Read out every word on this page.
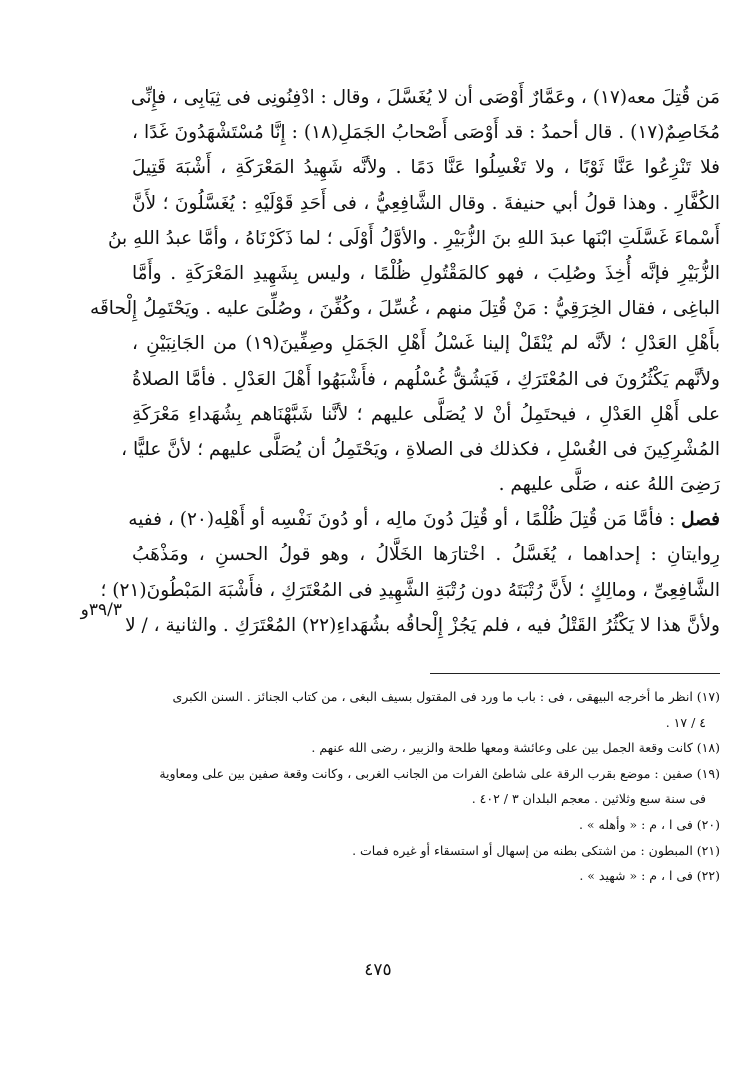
مَن قُتِلَ معه(١٧) ، وعَمَّارٌ أَوْصَى أن لا يُغَسَّلَ ، وقال : ادْفِنُونِى فى ثِيَابِى ، فإِنِّى
مُخَاصِمٌ(١٧) . قال أحمدُ : قد أَوْصَى أَصْحابُ الجَمَلِ(١٨) : إِنَّا مُسْتَشْهَدُونَ غَدًا ،
فلا تَنْزِعُوا عَنَّا ثَوْبًا ، ولا تَغْسِلُوا عَنَّا دَمًا . ولأنَّه شَهِيدُ المَعْرَكَةِ ، أَشْبَهَ قَتِيلَ
الكُفَّارِ . وهذا قولُ أبي حنيفةَ . وقال الشَّافِعِيُّ ، فى أَحَدِ قَوْلَيْهِ : يُغَسَّلُونَ ؛ لأَنَّ
أَسْماءَ غَسَّلَتِ ابْنَها عبدَ اللهِ بنَ الزُّبَيْرِ . والأوَّلُ أَوْلَى ؛ لما ذَكَرْنَاهُ ، وأمَّا عبدُ اللهِ بنُ
الزُّبَيْرِ فإنَّه أُخِذَ وصُلِبَ ، فهو كالمَقْتُولِ ظُلْمًا ، وليس بِشَهِيدِ المَعْرَكَةِ . وأَمَّا
الباغِى ، فقال الخِرَقِيُّ : مَنْ قُتِلَ منهم ، غُسِّلَ ، وكُفِّنَ ، وصُلِّىَ عليه . ويَحْتَمِلُ إِلْحاقَه
بأَهْلِ العَدْلِ ؛ لأنَّه لم يُنْقَلْ إلينا غَسْلُ أَهْلِ الجَمَلِ وصِفِّينَ(١٩) من الجَانِبَيْنِ ،
ولأنَّهم يَكْثُرُونَ فى المُعْتَرَكِ ، فَيَشُقُّ غُسْلُهم ، فأَشْبَهُوا أَهْلَ العَدْلِ . فأمَّا الصلاةُ
على أَهْلِ العَدْلِ ، فيحتَمِلُ أنْ لا يُصَلَّى عليهم ؛ لأنَّنا شَبَّهْنَاهم بِشُهَداءِ مَعْرَكَةِ
المُشْرِكِينَ فى الغُسْلِ ، فكذلك فى الصلاةِ ، ويَحْتَمِلُ أن يُصَلَّى عليهم ؛ لأنَّ عليًّا ،
رَضِىَ اللهُ عنه ، صَلَّى عليهم .
فصل : فأمَّا مَن قُتِلَ ظُلْمًا ، أو قُتِلَ دُونَ مالِه ، أو دُونَ نَفْسِه أو أَهْلِه(٢٠) ، ففيه
رِوايتانِ : إحداهما ، يُغَسَّلُ . اخْتارَها الخَلَّالُ ، وهو قولُ الحسنِ ، ومَذْهَبُ
الشَّافِعِىِّ ، ومالِكٍ ؛ لأَنَّ رُتْبَتَهُ دون رُتْبَةِ الشَّهِيدِ فى المُعْتَرَكِ ، فأَشْبَهَ المَبْطُونَ(٢١) ؛
ولأنَّ هذا لا يَكْثُرُ القَتْلُ فيه ، فلم يَجُزْ إِلْحاقُه بشُهَداءِ(٢٢) المُعْتَرَكِ . والثانية ، / لا
٣٩/٣و
(١٧) انظر ما أخرجه البيهقى ، فى : باب ما ورد فى المقتول بسيف البغى ، من كتاب الجنائز . السنن الكبرى
٤ / ١٧ .
(١٨) كانت وقعة الجمل بين على وعائشة ومعها طلحة والزبير ، رضى الله عنهم .
(١٩) صفين : موضع بقرب الرقة على شاطئ الفرات من الجانب الغربى ، وكانت وقعة صفين بين على ومعاوية
فى سنة سبع وثلاثين . معجم البلدان ٣ / ٤٠٢ .
(٢٠) فى ا ، م : « وأهله » .
(٢١) المبطون : من اشتكى بطنه من إسهال أو استسقاء أو غيره فمات .
(٢٢) فى ا ، م : « شهيد » .
٤٧٥
